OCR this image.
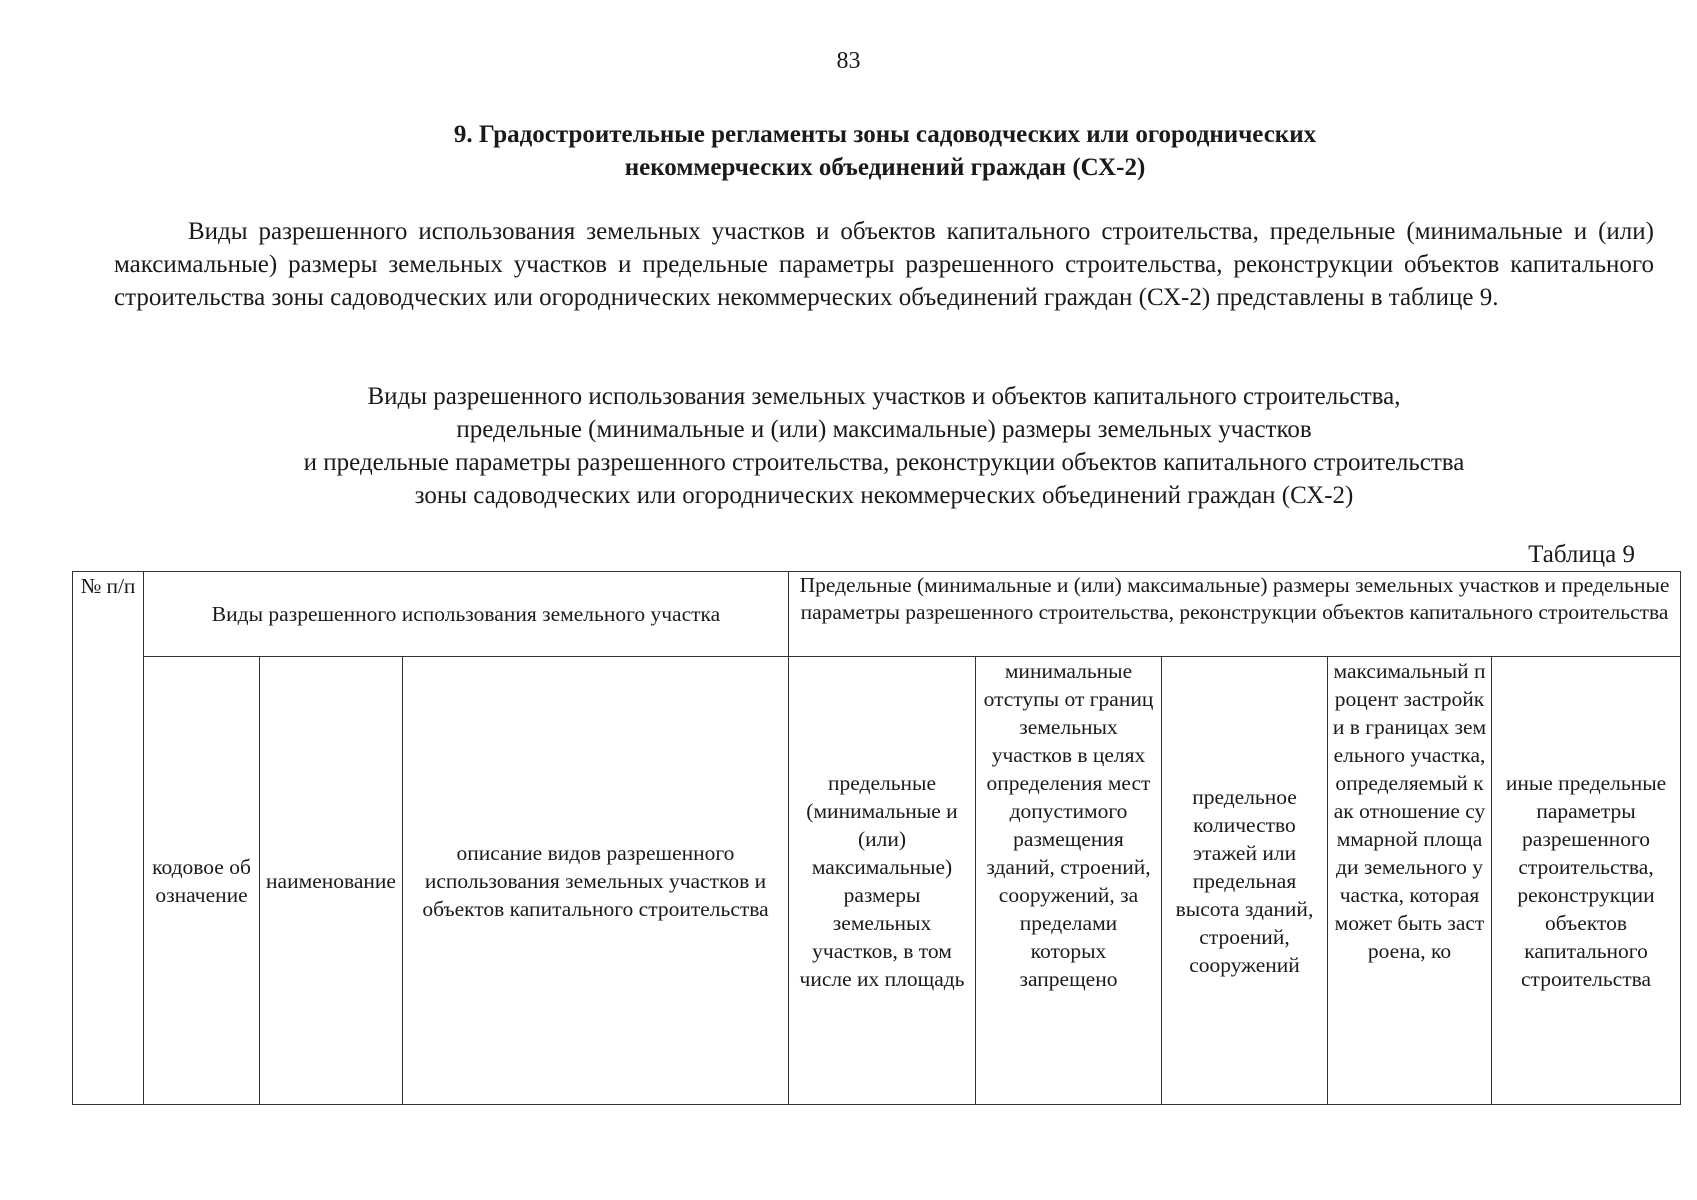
83
9. Градостроительные регламенты зоны садоводческих или огороднических
некоммерческих объединений граждан (СХ-2)

Виды разрешенного использования земельных участков и объектов капитального строительства, предельные (минимальные и (или) максимальные) размеры земельных участков и предельные параметры разрешенного строительства, реконструкции объектов капитального строительства зоны садоводческих или огороднических некоммерческих объединений граждан (СХ-2) представлены в таблице 9.

Виды разрешенного использования земельных участков и объектов капитального строительства,
предельные (минимальные и (или) максимальные) размеры земельных участков
и предельные параметры разрешенного строительства, реконструкции объектов капитального строительства
зоны садоводческих или огороднических некоммерческих объединений граждан (СХ-2)
Таблица 9
№ п/п	Виды разрешенного использования земельного участка			Предельные (минимальные и (или) максимальные) размеры земельных участков и предельные параметры разрешенного строительства, реконструкции объектов капитального строительства				
	кодовое обозначение	наименование	описание видов разрешенного использования земельных участков и объектов капитального строительства	предельные (минимальные и (или) максимальные) размеры земельных участков, в том числе их площадь	минимальные отступы от границ земельных участков в целях определения мест допустимого размещения зданий, строений, сооружений, за пределами которых запрещено	предельное количество этажей или предельная высота зданий, строений, сооружений	максимальный процент застройки в границах земельного участка, определяемый как отношение суммарной площади земельного участка, которая может быть застроена, ко	иные предельные параметры разрешенного строительства, реконструкции объектов капитального строительства
